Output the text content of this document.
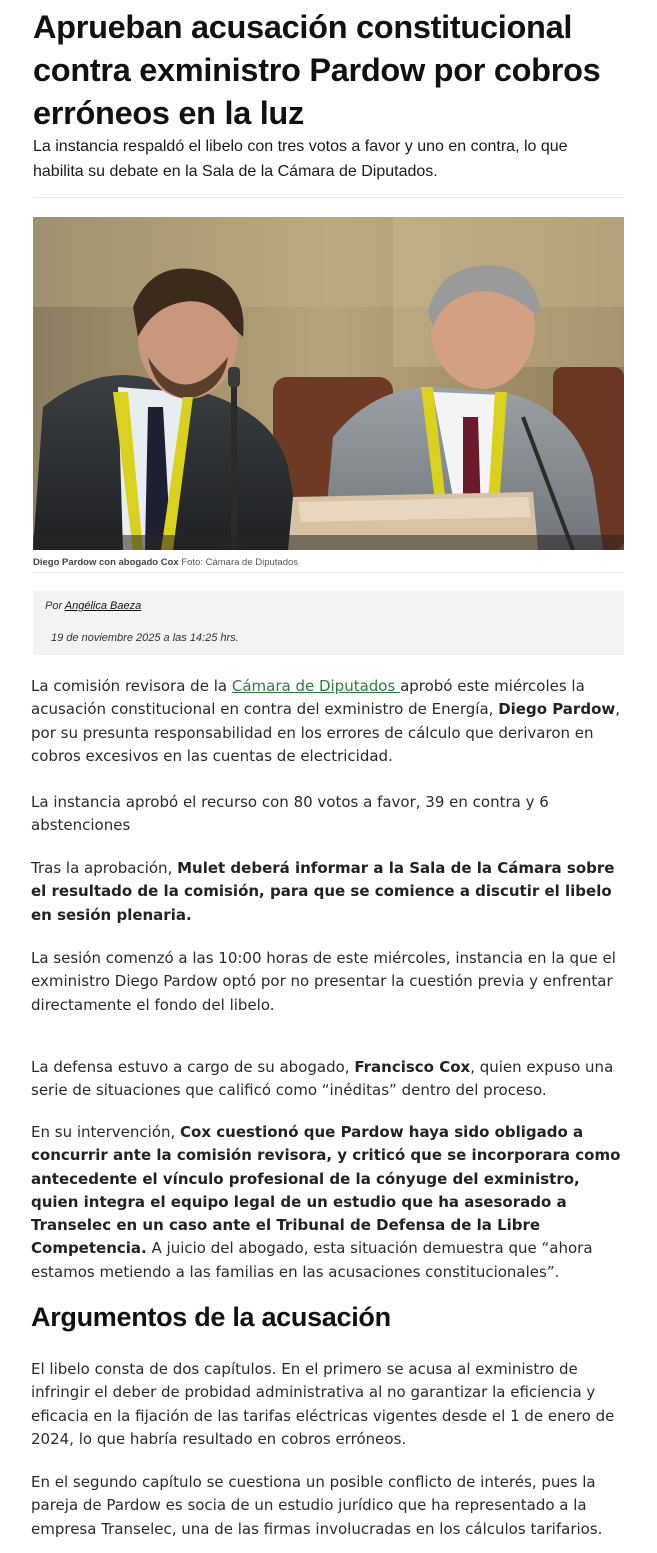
Aprueban acusación constitucional contra exministro Pardow por cobros erróneos en la luz

La instancia respaldó el libelo con tres votos a favor y uno en contra, lo que habilita su debate en la Sala de la Cámara de Diputados.

Diego Pardow con abogado Cox Foto: Cámara de Diputados

Por Angélica Baeza

19 de noviembre 2025 a las 14:25 hrs.

La comisión revisora de la Cámara de Diputados aprobó este miércoles la acusación constitucional en contra del exministro de Energía, Diego Pardow, por su presunta responsabilidad en los errores de cálculo que derivaron en cobros excesivos en las cuentas de electricidad.

La instancia aprobó el recurso con 80 votos a favor, 39 en contra y 6 abstenciones

Tras la aprobación, Mulet deberá informar a la Sala de la Cámara sobre el resultado de la comisión, para que se comience a discutir el libelo en sesión plenaria.

La sesión comenzó a las 10:00 horas de este miércoles, instancia en la que el exministro Diego Pardow optó por no presentar la cuestión previa y enfrentar directamente el fondo del libelo.

La defensa estuvo a cargo de su abogado, Francisco Cox, quien expuso una serie de situaciones que calificó como “inéditas” dentro del proceso.

En su intervención, Cox cuestionó que Pardow haya sido obligado a concurrir ante la comisión revisora, y criticó que se incorporara como antecedente el vínculo profesional de la cónyuge del exministro, quien integra el equipo legal de un estudio que ha asesorado a Transelec en un caso ante el Tribunal de Defensa de la Libre Competencia. A juicio del abogado, esta situación demuestra que “ahora estamos metiendo a las familias en las acusaciones constitucionales”.

Argumentos de la acusación

El libelo consta de dos capítulos. En el primero se acusa al exministro de infringir el deber de probidad administrativa al no garantizar la eficiencia y eficacia en la fijación de las tarifas eléctricas vigentes desde el 1 de enero de 2024, lo que habría resultado en cobros erróneos.

En el segundo capítulo se cuestiona un posible conflicto de interés, pues la pareja de Pardow es socia de un estudio jurídico que ha representado a la empresa Transelec, una de las firmas involucradas en los cálculos tarifarios.
